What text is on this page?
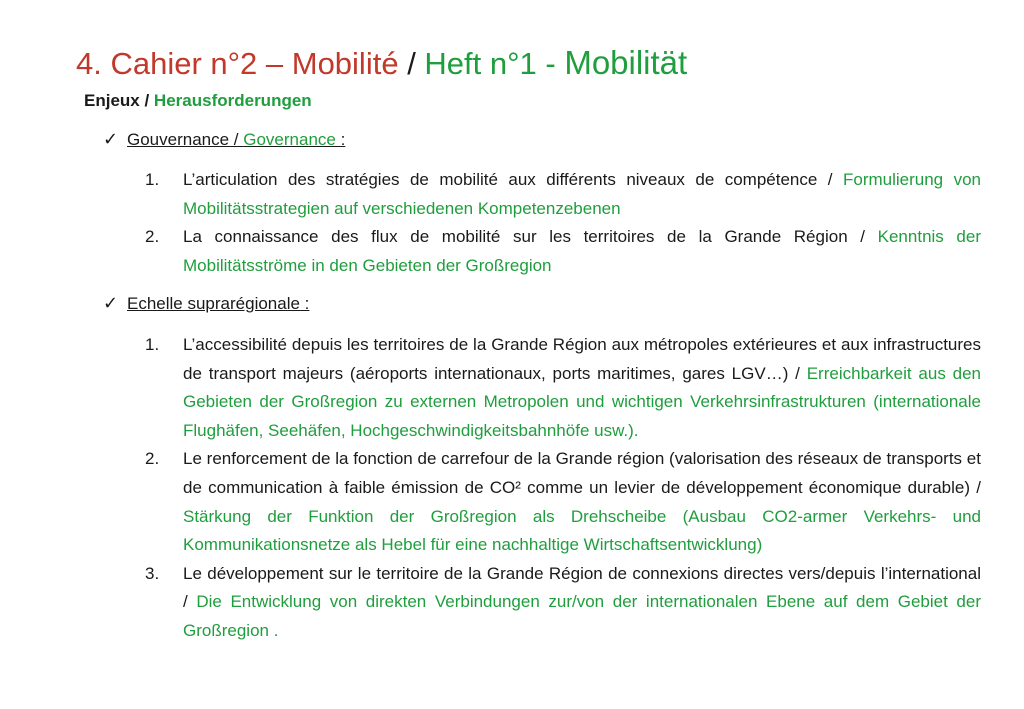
4. Cahier n°2 – Mobilité / Heft n°1 - Mobilität
Enjeux / Herausforderungen
✓ Gouvernance / Governance :
1.	L’articulation des stratégies de mobilité aux différents niveaux de compétence / Formulierung von Mobilitätsstrategien auf verschiedenen Kompetenzebenen
2.	La connaissance des flux de mobilité sur les territoires de la Grande Région / Kenntnis der Mobilitätsströme in den Gebieten der Großregion
✓ Echelle suprarégionale :
1.	L’accessibilité depuis les territoires de la Grande Région aux métropoles extérieures et aux infrastructures de transport majeurs (aéroports internationaux, ports maritimes, gares LGV…) / Erreichbarkeit aus den Gebieten der Großregion zu externen Metropolen und wichtigen Verkehrsinfrastrukturen (internationale Flughäfen, Seehäfen, Hochgeschwindigkeitsbahnhöfe usw.).
2.	Le renforcement de la fonction de carrefour de la Grande région (valorisation des réseaux de transports et de communication à faible émission de CO² comme un levier de développement économique durable) / Stärkung der Funktion der Großregion als Drehscheibe (Ausbau CO2-armer Verkehrs- und Kommunikationsnetze als Hebel für eine nachhaltige Wirtschaftsentwicklung)
3.	Le développement sur le territoire de la Grande Région de connexions directes vers/depuis l’international / Die Entwicklung von direkten Verbindungen zur/von der internationalen Ebene auf dem Gebiet der Großregion .
